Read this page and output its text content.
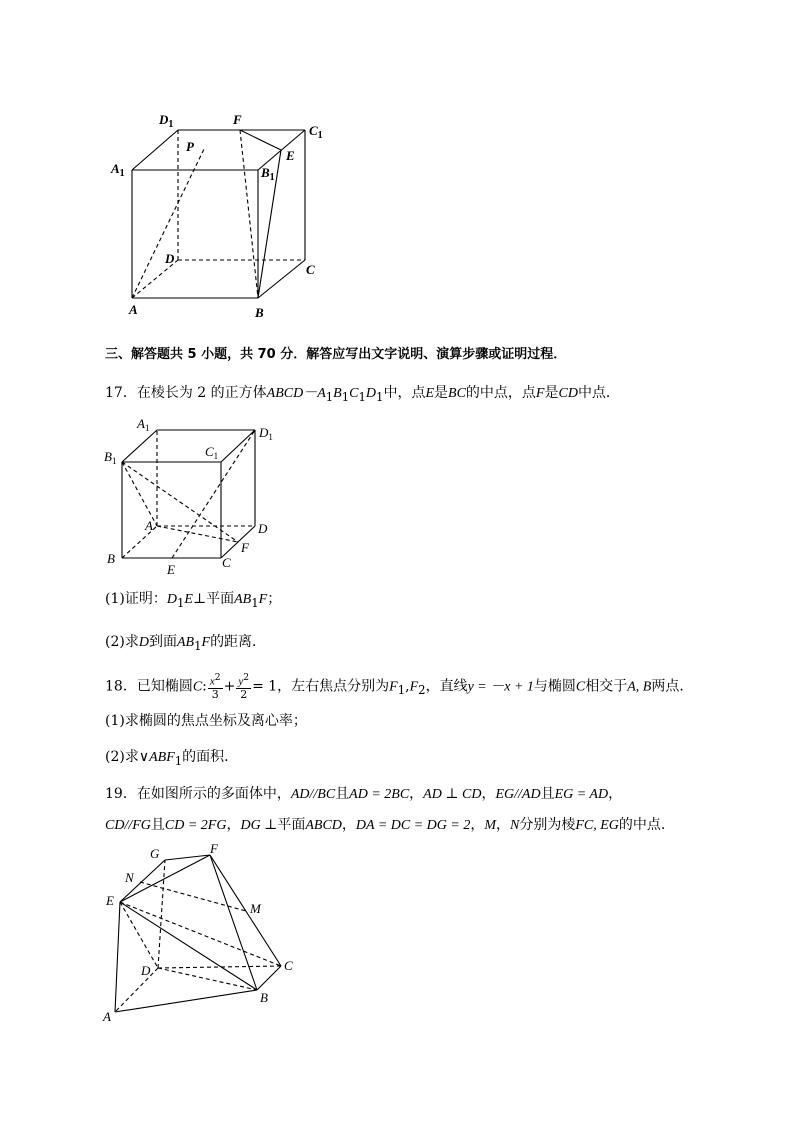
$D_1$	F
$C_1$
P
E
$A_1$	$B_1$
D
C
A	B
三、解答题共 5 小题，共 70 分．解答应写出文字说明、演算步骤或证明过程．
17．在棱长为 2 的正方体$ABCD-A_1B_1C_1D_1$中，点E是BC的中点，点F是CD中点．
$A_1$	$D_1$
$C_1$
$B_1$
A	D
F
B	C
E
(1)证明：$D_1E\perp$平面$AB_1F$；
(2)求D到面$AB_1F$的距离．
18．已知椭圆C: $\frac{x^2}{3} + \frac{y^2}{2} = 1$，左右焦点分别为$F_1,F_2$，直线y = －x + 1与椭圆C相交于A, B两点．
(1)求椭圆的焦点坐标及离心率；
(2)求$\vee ABF_1$的面积．
19．在如图所示的多面体中，AD//BC且AD = 2BC，AD ⊥ CD，EG//AD且EG = AD，
CD//FG且CD = 2FG，DG ⊥平面ABCD，DA = DC = DG = 2，M，N分别为棱FC, EG的中点.
G	F
N
E
M
D	C
B
A
